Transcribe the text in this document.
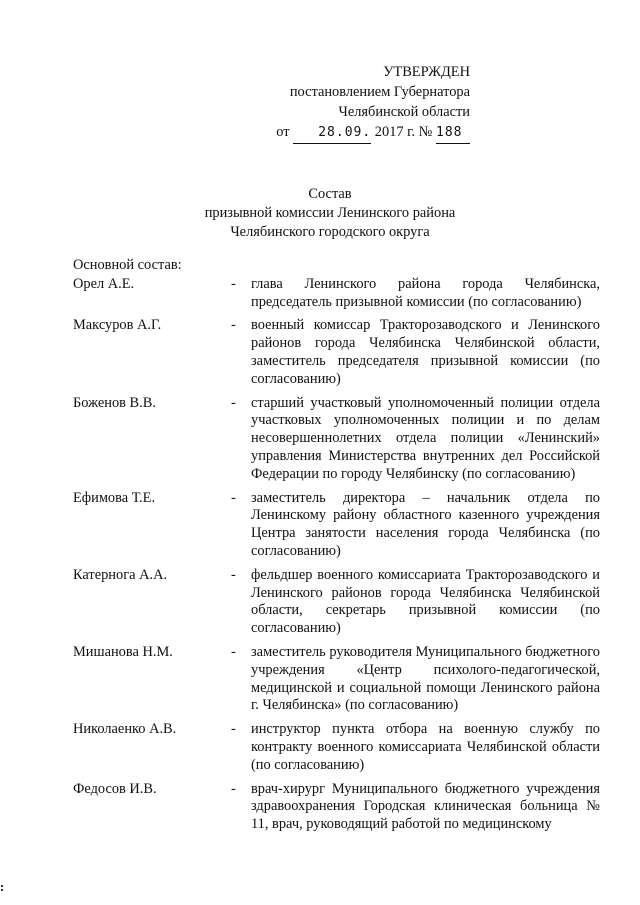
УТВЕРЖДЕН
постановлением Губернатора
Челябинской области
от 28.09. 2017 г. № 188
Состав
призывной комиссии Ленинского района
Челябинского городского округа
Основной состав:
Орел А.Е.	-	глава Ленинского района города Челябинска, председатель призывной комиссии (по согласованию)
Максуров А.Г.	-	военный комиссар Тракторозаводского и Ленинского районов города Челябинска Челябинской области, заместитель председателя призывной комиссии (по согласованию)
Боженов В.В.	-	старший участковый уполномоченный полиции отдела участковых уполномоченных полиции и по делам несовершеннолетних отдела полиции «Ленинский» управления Министерства внутренних дел Российской Федерации по городу Челябинску (по согласованию)
Ефимова Т.Е.	-	заместитель директора – начальник отдела по Ленинскому району областного казенного учреждения Центра занятости населения города Челябинска (по согласованию)
Катернога А.А.	-	фельдшер военного комиссариата Тракторозаводского и Ленинского районов города Челябинска Челябинской области, секретарь призывной комиссии (по согласованию)
Мишанова Н.М.	-	заместитель руководителя Муниципального бюджетного учреждения «Центр психолого-педагогической, медицинской и социальной помощи Ленинского района г. Челябинска» (по согласованию)
Николаенко А.В.	-	инструктор пункта отбора на военную службу по контракту военного комиссариата Челябинской области (по согласованию)
Федосов И.В.	-	врач-хирург Муниципального бюджетного учреждения здравоохранения Городская клиническая больница № 11, врач, руководящий работой по медицинскому
